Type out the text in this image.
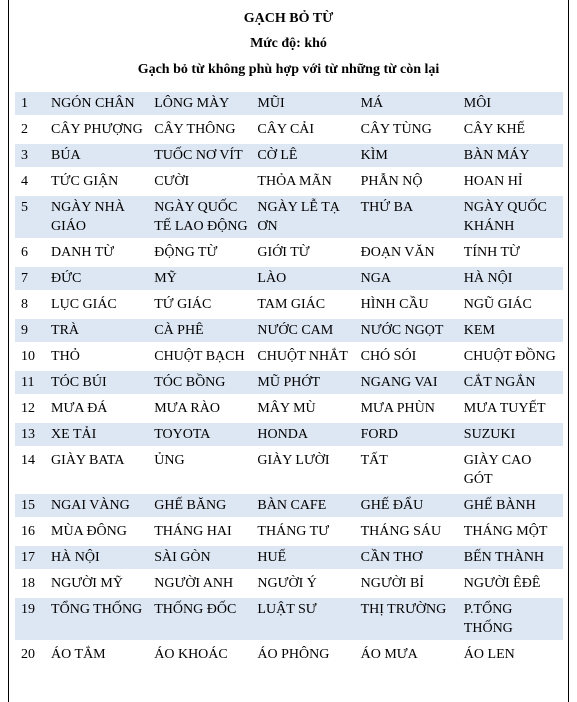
GẠCH BỎ TỪ
Mức độ: khó
Gạch bỏ từ không phù hợp với từ những từ còn lại
1	NGÓN CHÂN	LÔNG MÀY	MŨI	MÁ	MÔI
2	CÂY PHƯỢNG	CÂY THÔNG	CÂY CẢI	CÂY TÙNG	CÂY KHẾ
3	BÚA	TUỐC NƠ VÍT	CỜ LÊ	KÌM	BÀN MÁY
4	TỨC GIẬN	CƯỜI	THỎA MÃN	PHẪN NỘ	HOAN HỈ
5	NGÀY NHÀ GIÁO	NGÀY QUỐC TẾ LAO ĐỘNG	NGÀY LỄ TẠ ƠN	THỨ BA	NGÀY QUỐC KHÁNH
6	DANH TỪ	ĐỘNG TỪ	GIỚI TỪ	ĐOẠN VĂN	TÍNH TỪ
7	ĐỨC	MỸ	LÀO	NGA	HÀ NỘI
8	LỤC GIÁC	TỨ GIÁC	TAM GIÁC	HÌNH CẦU	NGŨ GIÁC
9	TRÀ	CÀ PHÊ	NƯỚC CAM	NƯỚC NGỌT	KEM
10	THỎ	CHUỘT BẠCH	CHUỘT NHẮT	CHÓ SÓI	CHUỘT ĐỒNG
11	TÓC BÚI	TÓC BỒNG	MŨ PHỚT	NGANG VAI	CẮT NGẮN
12	MƯA ĐÁ	MƯA RÀO	MÂY MÙ	MƯA PHÙN	MƯA TUYẾT
13	XE TẢI	TOYOTA	HONDA	FORD	SUZUKI
14	GIÀY BATA	ỦNG	GIÀY LƯỜI	TẤT	GIÀY CAO GÓT
15	NGAI VÀNG	GHẾ BĂNG	BÀN CAFE	GHẾ ĐẨU	GHẾ BÀNH
16	MÙA ĐÔNG	THÁNG HAI	THÁNG TƯ	THÁNG SÁU	THÁNG MỘT
17	HÀ NỘI	SÀI GÒN	HUẾ	CẦN THƠ	BẾN THÀNH
18	NGƯỜI MỸ	NGƯỜI ANH	NGƯỜI Ý	NGƯỜI BỈ	NGƯỜI ÊĐÊ
19	TỔNG THỐNG	THỐNG ĐỐC	LUẬT SƯ	THỊ TRƯỜNG	P.TỔNG THỐNG
20	ÁO TẮM	ÁO KHOÁC	ÁO PHÔNG	ÁO MƯA	ÁO LEN
